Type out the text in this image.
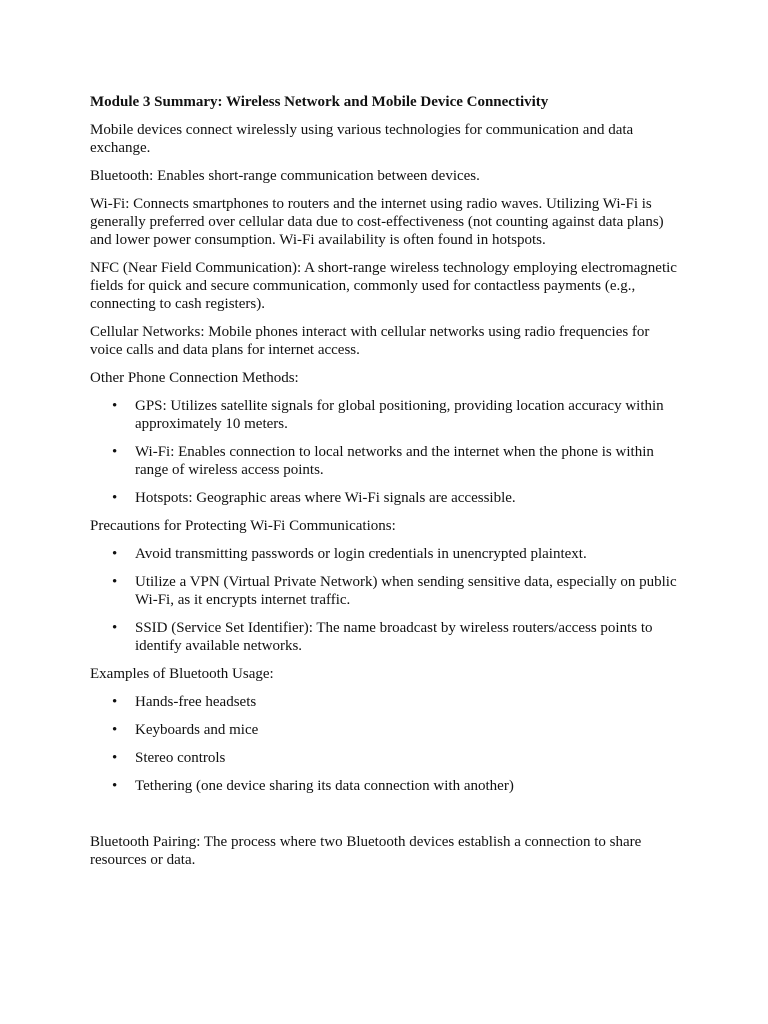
Module 3 Summary: Wireless Network and Mobile Device Connectivity

Mobile devices connect wirelessly using various technologies for communication and data exchange.

Bluetooth: Enables short-range communication between devices.

Wi-Fi: Connects smartphones to routers and the internet using radio waves. Utilizing Wi-Fi is generally preferred over cellular data due to cost-effectiveness (not counting against data plans) and lower power consumption. Wi-Fi availability is often found in hotspots.

NFC (Near Field Communication): A short-range wireless technology employing electromagnetic fields for quick and secure communication, commonly used for contactless payments (e.g., connecting to cash registers).

Cellular Networks: Mobile phones interact with cellular networks using radio frequencies for voice calls and data plans for internet access.

Other Phone Connection Methods:

• GPS: Utilizes satellite signals for global positioning, providing location accuracy within approximately 10 meters.
• Wi-Fi: Enables connection to local networks and the internet when the phone is within range of wireless access points.
• Hotspots: Geographic areas where Wi-Fi signals are accessible.

Precautions for Protecting Wi-Fi Communications:

• Avoid transmitting passwords or login credentials in unencrypted plaintext.
• Utilize a VPN (Virtual Private Network) when sending sensitive data, especially on public Wi-Fi, as it encrypts internet traffic.
• SSID (Service Set Identifier): The name broadcast by wireless routers/access points to identify available networks.

Examples of Bluetooth Usage:

• Hands-free headsets
• Keyboards and mice
• Stereo controls
• Tethering (one device sharing its data connection with another)

Bluetooth Pairing: The process where two Bluetooth devices establish a connection to share resources or data.
